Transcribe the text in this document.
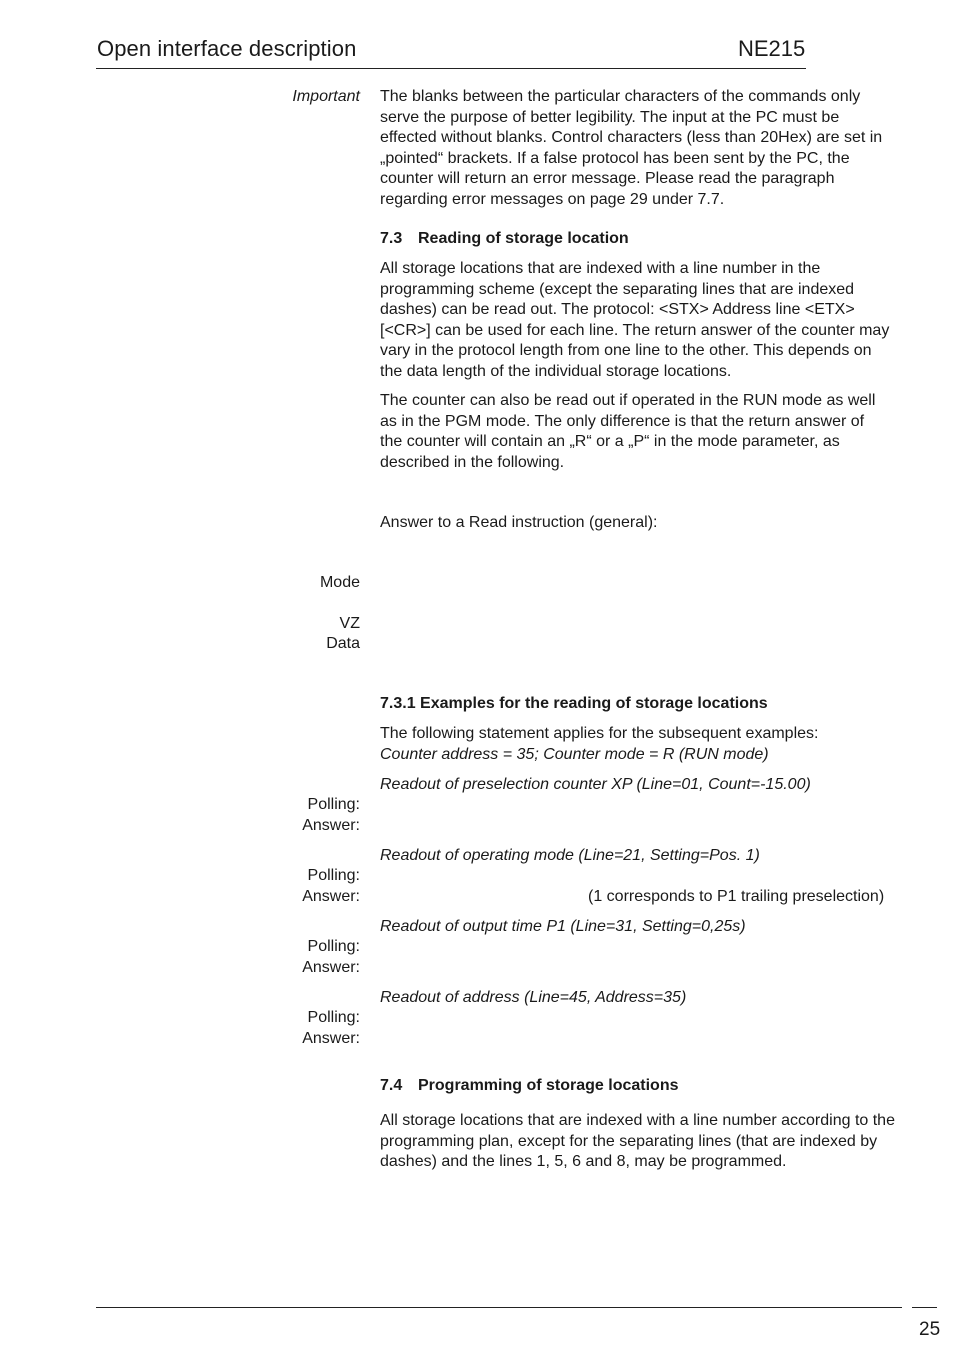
Open interface description	NE215
Important The blanks between the particular characters of the commands only serve the purpose of better legibility. The input at the PC must be effected without blanks. Control characters (less than 20Hex) are set in „pointed“ brackets. If a false protocol has been sent by the PC, the counter will return an error message. Please read the paragraph regarding error messages on page 29 under 7.7.

7.3 Reading of storage location

All storage locations that are indexed with a line number in the programming scheme (except the separating lines that are indexed dashes) can be read out. The protocol: <STX> Address line <ETX> [<CR>] can be used for each line. The return answer of the counter may vary in the protocol length from one line to the other. This depends on the data length of the individual storage locations.

The counter can also be read out if operated in the RUN mode as well as in the PGM mode. The only difference is that the return answer of the counter will contain an „R“ or a „P“ in the mode parameter, as described in the following.

Answer to a Read instruction (general):

Mode
VZ
Data
7.3.1 Examples for the reading of storage locations

The following statement applies for the subsequent examples:

Counter address = 35; Counter mode = R (RUN mode)

Readout of preselection counter XP (Line=01, Count=-15.00)
Polling:
Answer:
Readout of operating mode (Line=21, Setting=Pos. 1)
Polling:
Answer:	(1 corresponds to P1 trailing preselection)
Readout of output time P1 (Line=31, Setting=0,25s)
Polling:
Answer:
Readout of address (Line=45, Address=35)
Polling:
Answer:
7.4 Programming of storage locations

All storage locations that are indexed with a line number according to the programming plan, except for the separating lines (that are indexed by dashes) and the lines 1, 5, 6 and 8, may be programmed.

25
